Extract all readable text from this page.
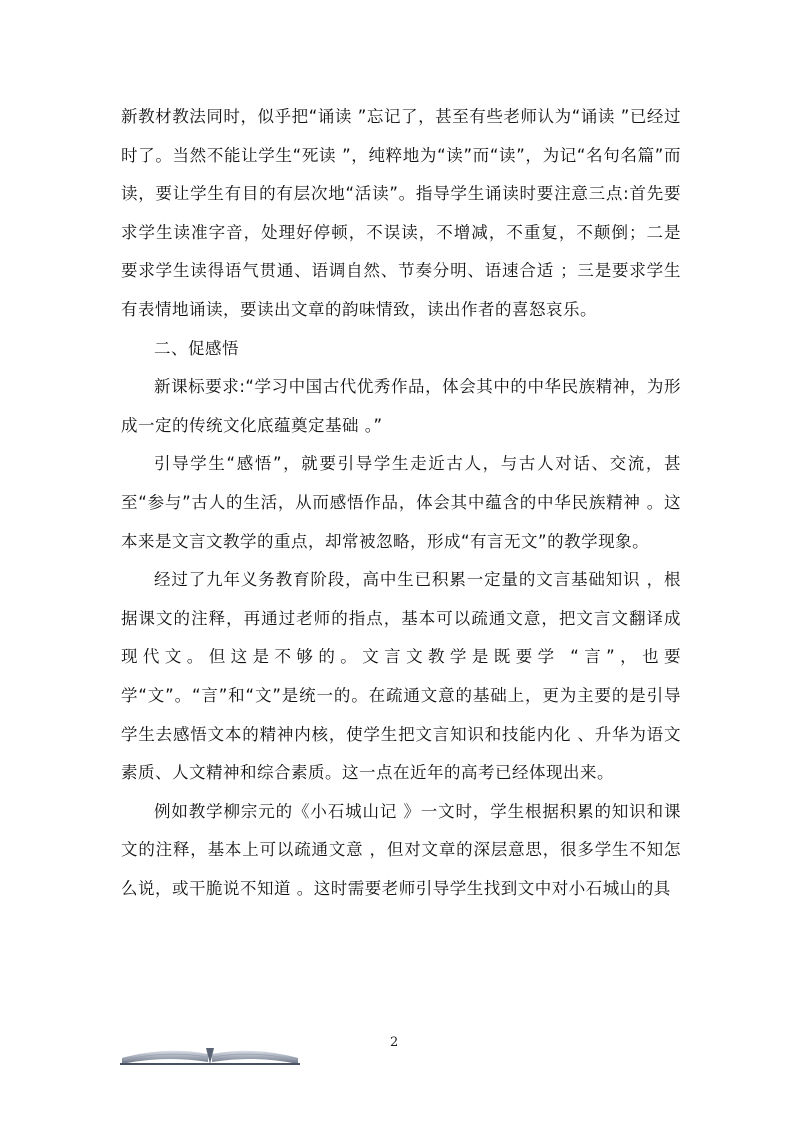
新教材教法同时，似乎把“诵读 ”忘记了，甚至有些老师认为“诵读 ”已经过时了。当然不能让学生“死读 ”，纯粹地为“读”而“读”，为记“名句名篇”而读，要让学生有目的有层次地“活读”。指导学生诵读时要注意三点:首先要求学生读准字音，处理好停顿，不误读，不增减，不重复，不颠倒；二是要求学生读得语气贯通、语调自然、节奏分明、语速合适 ；三是要求学生有表情地诵读，要读出文章的韵味情致，读出作者的喜怒哀乐。

二、促感悟

新课标要求:“学习中国古代优秀作品，体会其中的中华民族精神，为形成一定的传统文化底蕴奠定基础 。”

引导学生“感悟”，就要引导学生走近古人，与古人对话、交流，甚至“参与”古人的生活，从而感悟作品，体会其中蕴含的中华民族精神 。这本来是文言文教学的重点，却常被忽略，形成“有言无文”的教学现象。

经过了九年义务教育阶段，高中生已积累一定量的文言基础知识 ，根据课文的注释，再通过老师的指点，基本可以疏通文意，把文言文翻译成现代文。但这是不够的。文言文教学是既要学 “言”，也要学“文”。“言”和“文”是统一的。在疏通文意的基础上，更为主要的是引导学生去感悟文本的精神内核，使学生把文言知识和技能内化 、升华为语文素质、人文精神和综合素质。这一点在近年的高考已经体现出来。

例如教学柳宗元的《小石城山记 》一文时，学生根据积累的知识和课文的注释，基本上可以疏通文意 ，但对文章的深层意思，很多学生不知怎么说，或干脆说不知道 。这时需要老师引导学生找到文中对小石城山的具

2
